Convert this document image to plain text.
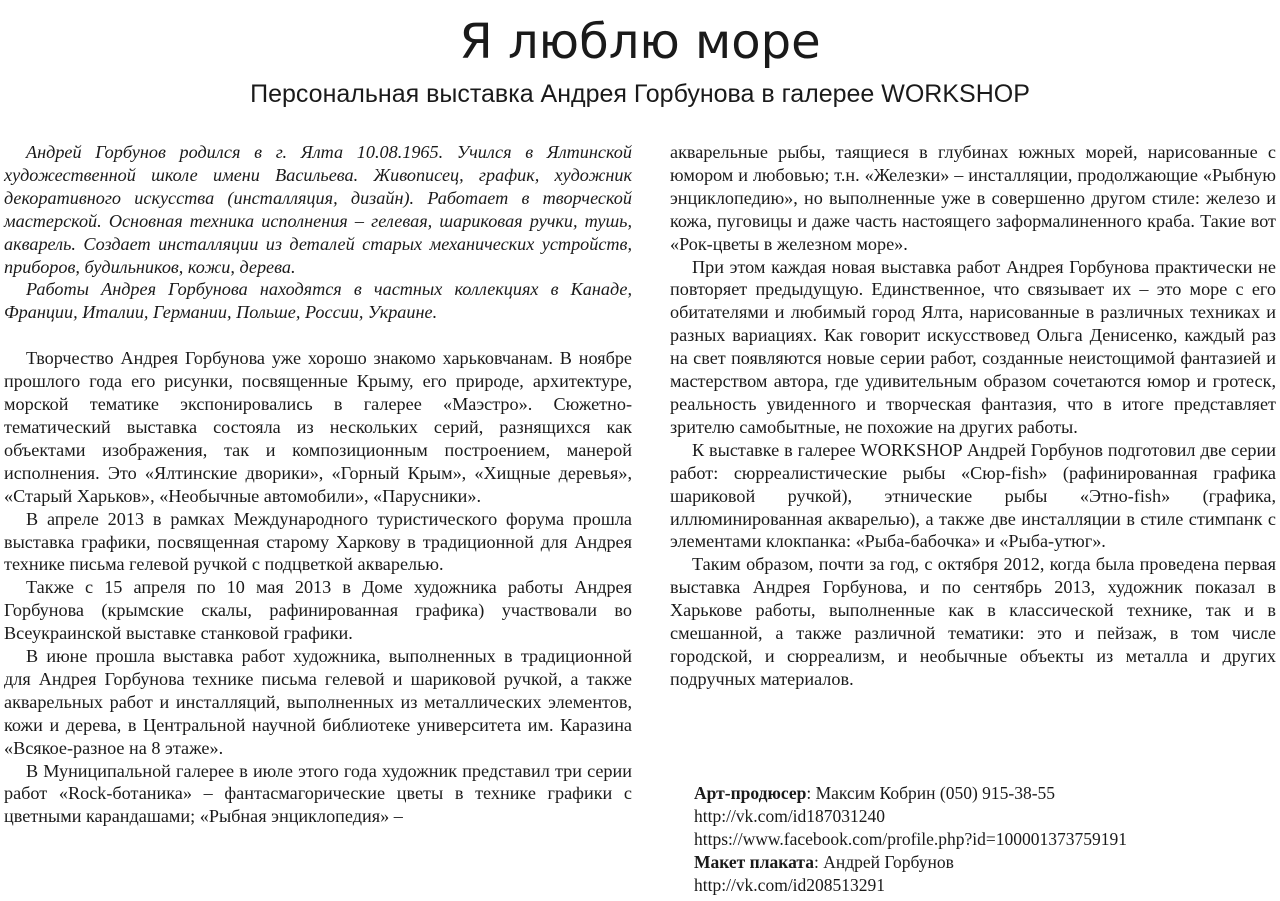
Я люблю море
Персональная выставка Андрея Горбунова в галерее WORKSHOP

Андрей Горбунов родился в г. Ялта 10.08.1965. Учился в Ялтинской художественной школе имени Васильева. Живописец, график, художник декоративного искусства (инсталляция, дизайн). Работает в творческой мастерской. Основная техника исполнения – гелевая, шариковая ручки, тушь, акварель. Создает инсталляции из деталей старых механических устройств, приборов, будильников, кожи, дерева.

Работы Андрея Горбунова находятся в частных коллекциях в Канаде, Франции, Италии, Германии, Польше, России, Украине.

Творчество Андрея Горбунова уже хорошо знакомо харьковчанам. В ноябре прошлого года его рисунки, посвященные Крыму, его природе, архитектуре, морской тематике экспонировались в галерее «Маэстро». Сюжетно-тематический выставка состояла из нескольких серий, разнящихся как объектами изображения, так и композиционным построением, манерой исполнения. Это «Ялтинские дворики», «Горный Крым», «Хищные деревья», «Старый Харьков», «Необычные автомобили», «Парусники».

В апреле 2013 в рамках Международного туристического форума прошла выставка графики, посвященная старому Харкову в традиционной для Андрея технике письма гелевой ручкой с подцветкой акварелью.

Также с 15 апреля по 10 мая 2013 в Доме художника работы Андрея Горбунова (крымские скалы, рафинированная графика) участвовали во Всеукраинской выставке станковой графики.

В июне прошла выставка работ художника, выполненных в традиционной для Андрея Горбунова технике письма гелевой и шариковой ручкой, а также акварельных работ и инсталляций, выполненных из металлических элементов, кожи и дерева, в Центральной научной библиотеке университета им. Каразина «Всякое-разное на 8 этаже».

В Муниципальной галерее в июле этого года художник представил три серии работ «Rock-ботаника» – фантасмагорические цветы в технике графики с цветными карандашами; «Рыбная энциклопедия» –

акварельные рыбы, таящиеся в глубинах южных морей, нарисованные с юмором и любовью; т.н. «Железки» – инсталляции, продолжающие «Рыбную энциклопедию», но выполненные уже в совершенно другом стиле: железо и кожа, пуговицы и даже часть настоящего заформалиненного краба. Такие вот «Рок-цветы в железном море».

При этом каждая новая выставка работ Андрея Горбунова практически не повторяет предыдущую. Единственное, что связывает их – это море с его обитателями и любимый город Ялта, нарисованные в различных техниках и разных вариациях. Как говорит искусствовед Ольга Денисенко, каждый раз на свет появляются новые серии работ, созданные неистощимой фантазией и мастерством автора, где удивительным образом сочетаются юмор и гротеск, реальность увиденного и творческая фантазия, что в итоге представляет зрителю самобытные, не похожие на других работы.

К выставке в галерее WORKSHOP Андрей Горбунов подготовил две серии работ: сюрреалистические рыбы «Сюр-fish» (рафинированная графика шариковой ручкой), этнические рыбы «Этно-fish» (графика, иллюминированная акварелью), а также две инсталляции в стиле стимпанк с элементами клокпанка: «Рыба-бабочка» и «Рыба-утюг».

Таким образом, почти за год, с октября 2012, когда была проведена первая выставка Андрея Горбунова, и по сентябрь 2013, художник показал в Харькове работы, выполненные как в классической технике, так и в смешанной, а также различной тематики: это и пейзаж, в том числе городской, и сюрреализм, и необычные объекты из металла и других подручных материалов.

Арт-продюсер: Максим Кобрин (050) 915-38-55

http://vk.com/id187031240

https://www.facebook.com/profile.php?id=100001373759191

Макет плаката: Андрей Горбунов

http://vk.com/id208513291
